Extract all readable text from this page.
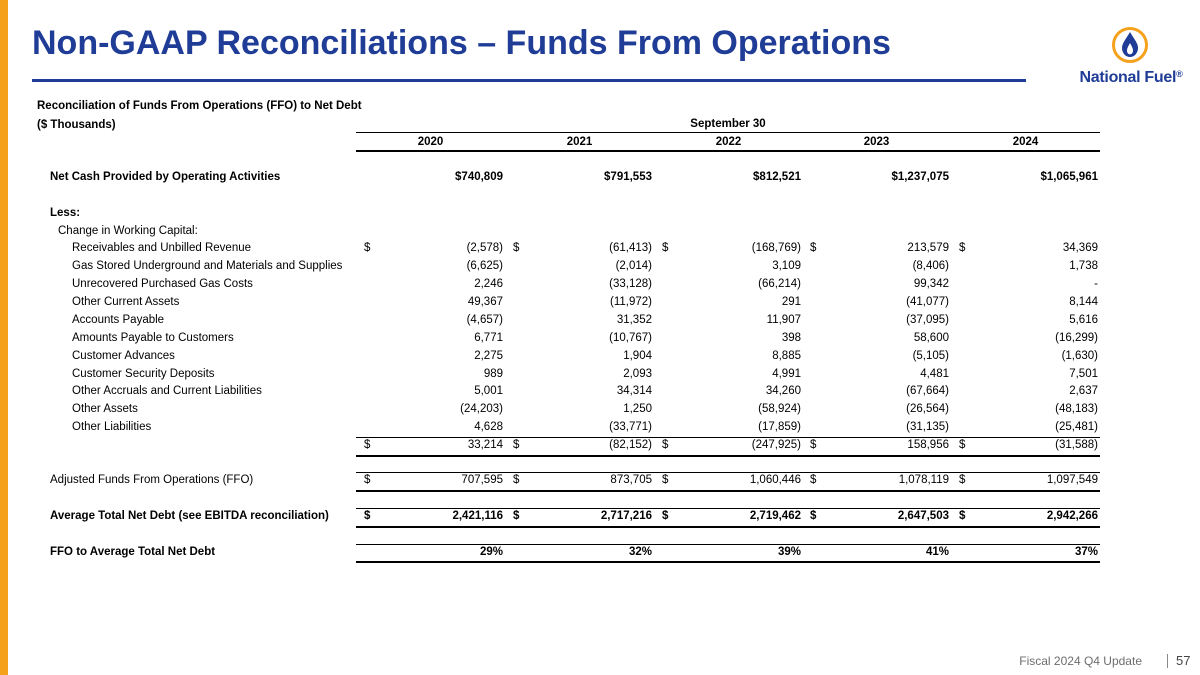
Non-GAAP Reconciliations – Funds From Operations
National Fuel®
Reconciliation of Funds From Operations (FFO) to Net Debt
($ Thousands)	September 30
2020	2021	2022	2023	2024
Net Cash Provided by Operating Activities	$740,809	$791,553	$812,521	$1,237,075	$1,065,961
Less:
Change in Working Capital:
Receivables and Unbilled Revenue	$	(2,578) $	(61,413) $	(168,769) $	213,579 $	34,369
Gas Stored Underground and Materials and Supplies	(6,625)	(2,014)	3,109	(8,406)	1,738
Unrecovered Purchased Gas Costs	2,246	(33,128)	(66,214)	99,342	-
Other Current Assets	49,367	(11,972)	291	(41,077)	8,144
Accounts Payable	(4,657)	31,352	11,907	(37,095)	5,616
Amounts Payable to Customers	6,771	(10,767)	398	58,600	(16,299)
Customer Advances	2,275	1,904	8,885	(5,105)	(1,630)
Customer Security Deposits	989	2,093	4,991	4,481	7,501
Other Accruals and Current Liabilities	5,001	34,314	34,260	(67,664)	2,637
Other Assets	(24,203)	1,250	(58,924)	(26,564)	(48,183)
Other Liabilities	4,628	(33,771)	(17,859)	(31,135)	(25,481)
$	33,214 $	(82,152) $	(247,925) $	158,956 $	(31,588)
Adjusted Funds From Operations (FFO)	$	707,595 $	873,705 $	1,060,446 $	1,078,119 $	1,097,549
Average Total Net Debt (see EBITDA reconciliation)	$	2,421,116 $	2,717,216 $	2,719,462 $	2,647,503 $	2,942,266
FFO to Average Total Net Debt	29%	32%	39%	41%	37%
Fiscal 2024 Q4 Update	57
